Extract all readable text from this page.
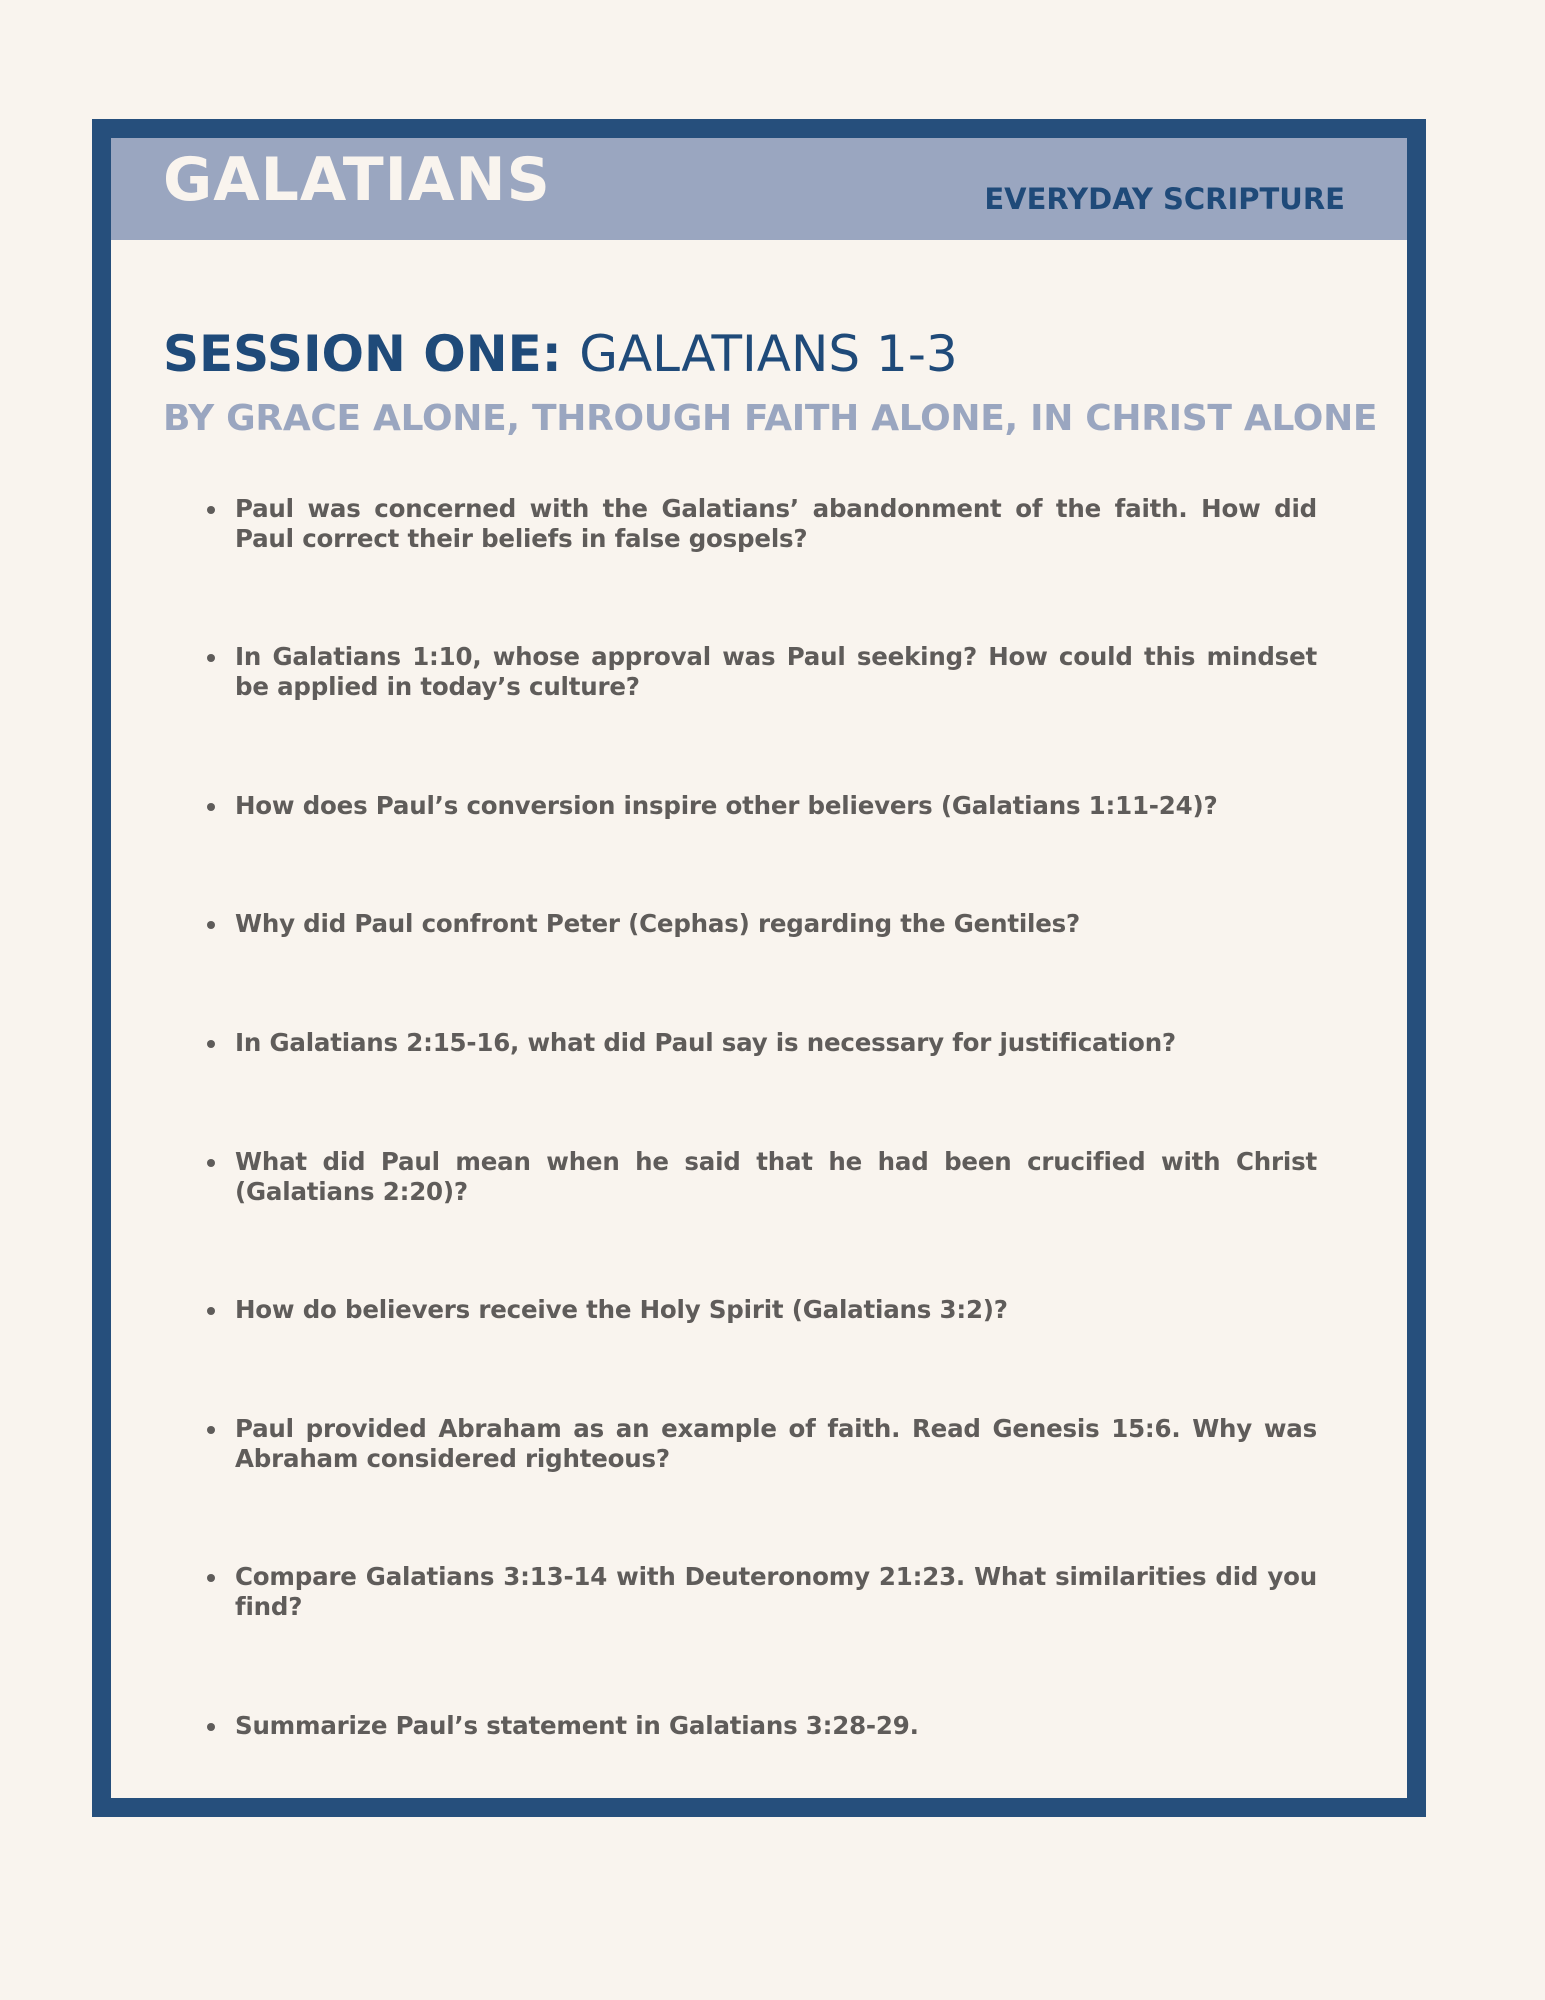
GALATIANS	EVERYDAY SCRIPTURE
SESSION ONE: GALATIANS 1-3
BY GRACE ALONE, THROUGH FAITH ALONE, IN CHRIST ALONE
Paul was concerned with the Galatians’ abandonment of the faith. How did Paul correct their beliefs in false gospels?
In Galatians 1:10, whose approval was Paul seeking? How could this mindset be applied in today’s culture?
How does Paul’s conversion inspire other believers (Galatians 1:11-24)?
Why did Paul confront Peter (Cephas) regarding the Gentiles?
In Galatians 2:15-16, what did Paul say is necessary for justification?
What did Paul mean when he said that he had been crucified with Christ (Galatians 2:20)?
How do believers receive the Holy Spirit (Galatians 3:2)?
Paul provided Abraham as an example of faith. Read Genesis 15:6. Why was Abraham considered righteous?
Compare Galatians 3:13-14 with Deuteronomy 21:23. What similarities did you find?
Summarize Paul’s statement in Galatians 3:28-29.
